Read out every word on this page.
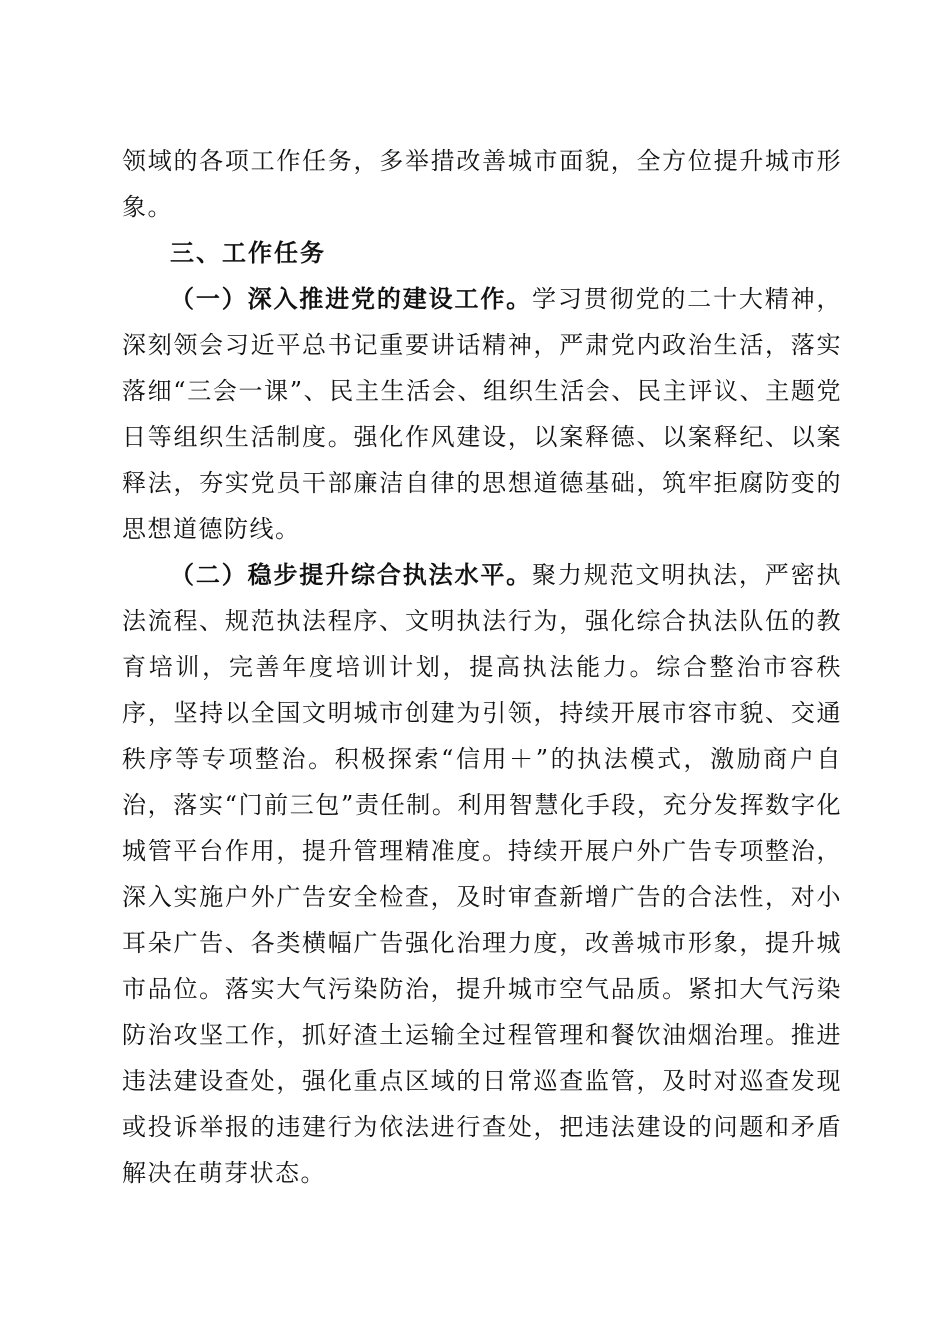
领域的各项工作任务，多举措改善城市面貌，全方位提升城市形象。

三、工作任务

（一）深入推进党的建设工作。学习贯彻党的二十大精神，深刻领会习近平总书记重要讲话精神，严肃党内政治生活，落实落细“三会一课”、民主生活会、组织生活会、民主评议、主题党日等组织生活制度。强化作风建设，以案释德、以案释纪、以案释法，夯实党员干部廉洁自律的思想道德基础，筑牢拒腐防变的思想道德防线。

（二）稳步提升综合执法水平。聚力规范文明执法，严密执法流程、规范执法程序、文明执法行为，强化综合执法队伍的教育培训，完善年度培训计划，提高执法能力。综合整治市容秩序，坚持以全国文明城市创建为引领，持续开展市容市貌、交通秩序等专项整治。积极探索“信用＋”的执法模式，激励商户自治，落实“门前三包”责任制。利用智慧化手段，充分发挥数字化城管平台作用，提升管理精准度。持续开展户外广告专项整治，深入实施户外广告安全检查，及时审查新增广告的合法性，对小耳朵广告、各类横幅广告强化治理力度，改善城市形象，提升城市品位。落实大气污染防治，提升城市空气品质。紧扣大气污染防治攻坚工作，抓好渣土运输全过程管理和餐饮油烟治理。推进违法建设查处，强化重点区域的日常巡查监管，及时对巡查发现或投诉举报的违建行为依法进行查处，把违法建设的问题和矛盾解决在萌芽状态。
